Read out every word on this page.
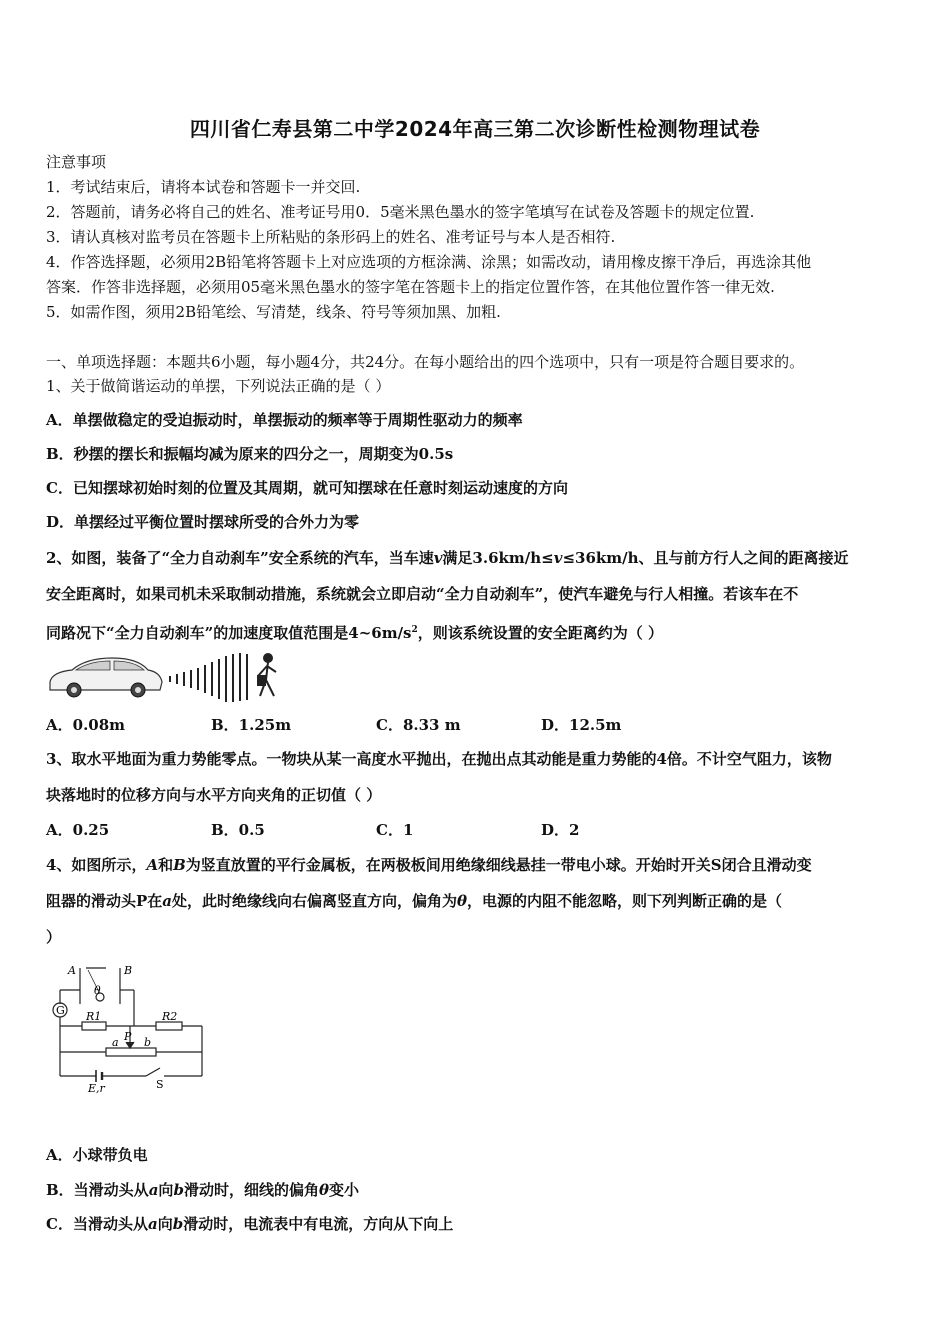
四川省仁寿县第二中学2024年高三第二次诊断性检测物理试卷
注意事项
1．考试结束后，请将本试卷和答题卡一并交回.
2．答题前，请务必将自己的姓名、准考证号用0．5毫米黑色墨水的签字笔填写在试卷及答题卡的规定位置.
3．请认真核对监考员在答题卡上所粘贴的条形码上的姓名、准考证号与本人是否相符.
4．作答选择题，必须用2B铅笔将答题卡上对应选项的方框涂满、涂黑；如需改动，请用橡皮擦干净后，再选涂其他
答案．作答非选择题，必须用05毫米黑色墨水的签字笔在答题卡上的指定位置作答，在其他位置作答一律无效.
5．如需作图，须用2B铅笔绘、写清楚，线条、符号等须加黑、加粗.
一、单项选择题：本题共6小题，每小题4分，共24分。在每小题给出的四个选项中，只有一项是符合题目要求的。
1、关于做简谐运动的单摆，下列说法正确的是（ ）
A．单摆做稳定的受迫振动时，单摆振动的频率等于周期性驱动力的频率
B．秒摆的摆长和振幅均减为原来的四分之一，周期变为0.5s
C．已知摆球初始时刻的位置及其周期，就可知摆球在任意时刻运动速度的方向
D．单摆经过平衡位置时摆球所受的合外力为零
2、如图，装备了“全力自动刹车”安全系统的汽车，当车速v满足3.6km/h≤v≤36km/h、且与前方行人之间的距离接近
安全距离时，如果司机未采取制动措施，系统就会立即启动“全力自动刹车”，使汽车避免与行人相撞。若该车在不
同路况下“全力自动刹车”的加速度取值范围是$4\sim 6m/s^2$，则该系统设置的安全距离约为（ ）
A．0.08m	B．1.25m	C．8.33 m	D．12.5m
3、取水平地面为重力势能零点。一物块从某一高度水平抛出，在抛出点其动能是重力势能的4倍。不计空气阻力，该物
块落地时的位移方向与水平方向夹角的正切值（ ）
A．0.25	B．0.5	C．1	D．2
4、如图所示，A和B为竖直放置的平行金属板，在两极板间用绝缘细线悬挂一带电小球。开始时开关S闭合且滑动变
阻器的滑动头P在a处，此时绝缘线向右偏离竖直方向，偏角为θ，电源的内阻不能忽略，则下列判断正确的是（
）
A	B
θ
G R1	R2
a P b
E,r	S
A．小球带负电
B．当滑动头从a向b滑动时，细线的偏角θ变小
C．当滑动头从a向b滑动时，电流表中有电流，方向从下向上
